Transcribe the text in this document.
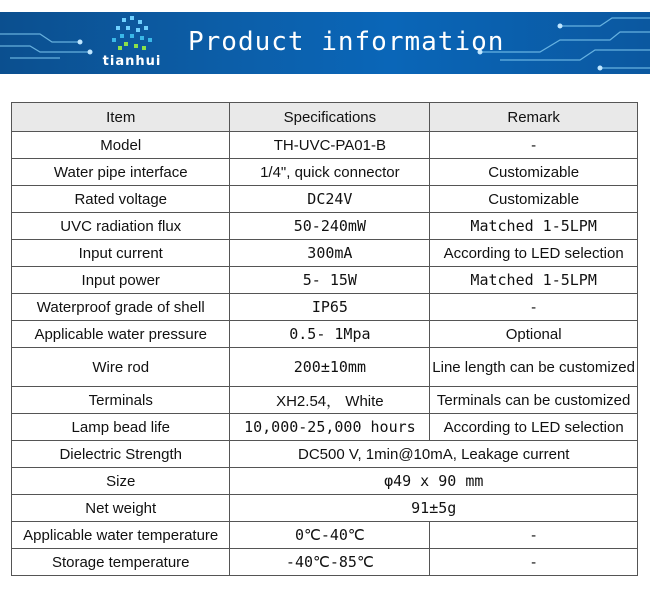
tianhui
Product information
Item	Specifications	Remark
Model	TH-UVC-PA01-B	-
Water pipe interface	1/4", quick connector	Customizable
Rated voltage	DC24V	Customizable
UVC radiation flux	50-240mW	Matched 1-5LPM
Input current	300mA	According to LED selection
Input power	5- 15W	Matched 1-5LPM
Waterproof grade of shell	IP65	-
Applicable water pressure	0.5- 1Mpa	Optional
Wire rod	200±10mm	Line length can be customized
Terminals	XH2.54， White	Terminals can be customized
Lamp bead life	10,000-25,000 hours	According to LED selection
Dielectric Strength	DC500 V, 1min@10mA, Leakage current	
Size	φ49 x 90 mm	
Net weight	91±5g	
Applicable water temperature	0℃-40℃	-
Storage temperature	-40℃-85℃	-
